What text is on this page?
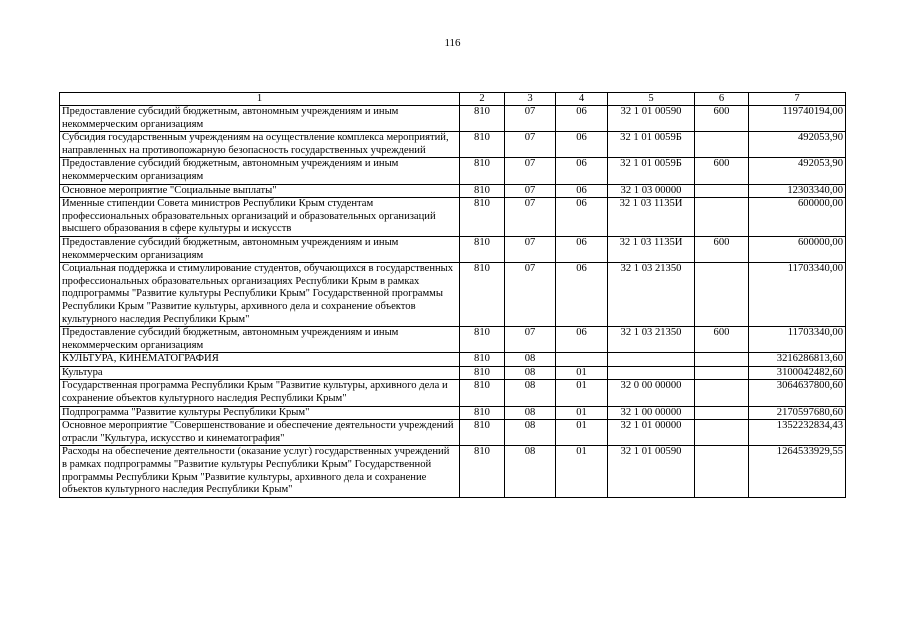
116
1	2	3	4	5	6	7
Предоставление субсидий бюджетным, автономным учреждениям и иным некоммерческим организациям	810	07	06	32 1 01 00590	600	119740194,00
Субсидия государственным учреждениям на осуществление комплекса мероприятий, направленных на противопожарную безопасность государственных учреждений	810	07	06	32 1 01 0059Б		492053,90
Предоставление субсидий бюджетным, автономным учреждениям и иным некоммерческим организациям	810	07	06	32 1 01 0059Б	600	492053,90
Основное мероприятие "Социальные выплаты"	810	07	06	32 1 03 00000		12303340,00
Именные стипендии Совета министров Республики Крым студентам профессиональных образовательных организаций и образовательных организаций высшего образования в сфере культуры и искусств	810	07	06	32 1 03 1135И		600000,00
Предоставление субсидий бюджетным, автономным учреждениям и иным некоммерческим организациям	810	07	06	32 1 03 1135И	600	600000,00
Социальная поддержка и стимулирование студентов, обучающихся в государственных профессиональных образовательных организациях Республики Крым в рамках подпрограммы "Развитие культуры Республики Крым" Государственной программы Республики Крым "Развитие культуры, архивного дела и сохранение объектов культурного наследия Республики Крым"	810	07	06	32 1 03 21350		11703340,00
Предоставление субсидий бюджетным, автономным учреждениям и иным некоммерческим организациям	810	07	06	32 1 03 21350	600	11703340,00
КУЛЬТУРА, КИНЕМАТОГРАФИЯ	810	08				3216286813,60
Культура	810	08	01			3100042482,60
Государственная программа Республики Крым "Развитие культуры, архивного дела и сохранение объектов культурного наследия Республики Крым"	810	08	01	32 0 00 00000		3064637800,60
Подпрограмма "Развитие культуры Республики Крым"	810	08	01	32 1 00 00000		2170597680,60
Основное мероприятие "Совершенствование и обеспечение деятельности учреждений отрасли "Культура, искусство и кинематография"	810	08	01	32 1 01 00000		1352232834,43
Расходы на обеспечение деятельности (оказание услуг) государственных учреждений в рамках подпрограммы "Развитие культуры Республики Крым" Государственной программы Республики Крым "Развитие культуры, архивного дела и сохранение объектов культурного наследия Республики Крым"	810	08	01	32 1 01 00590		1264533929,55
